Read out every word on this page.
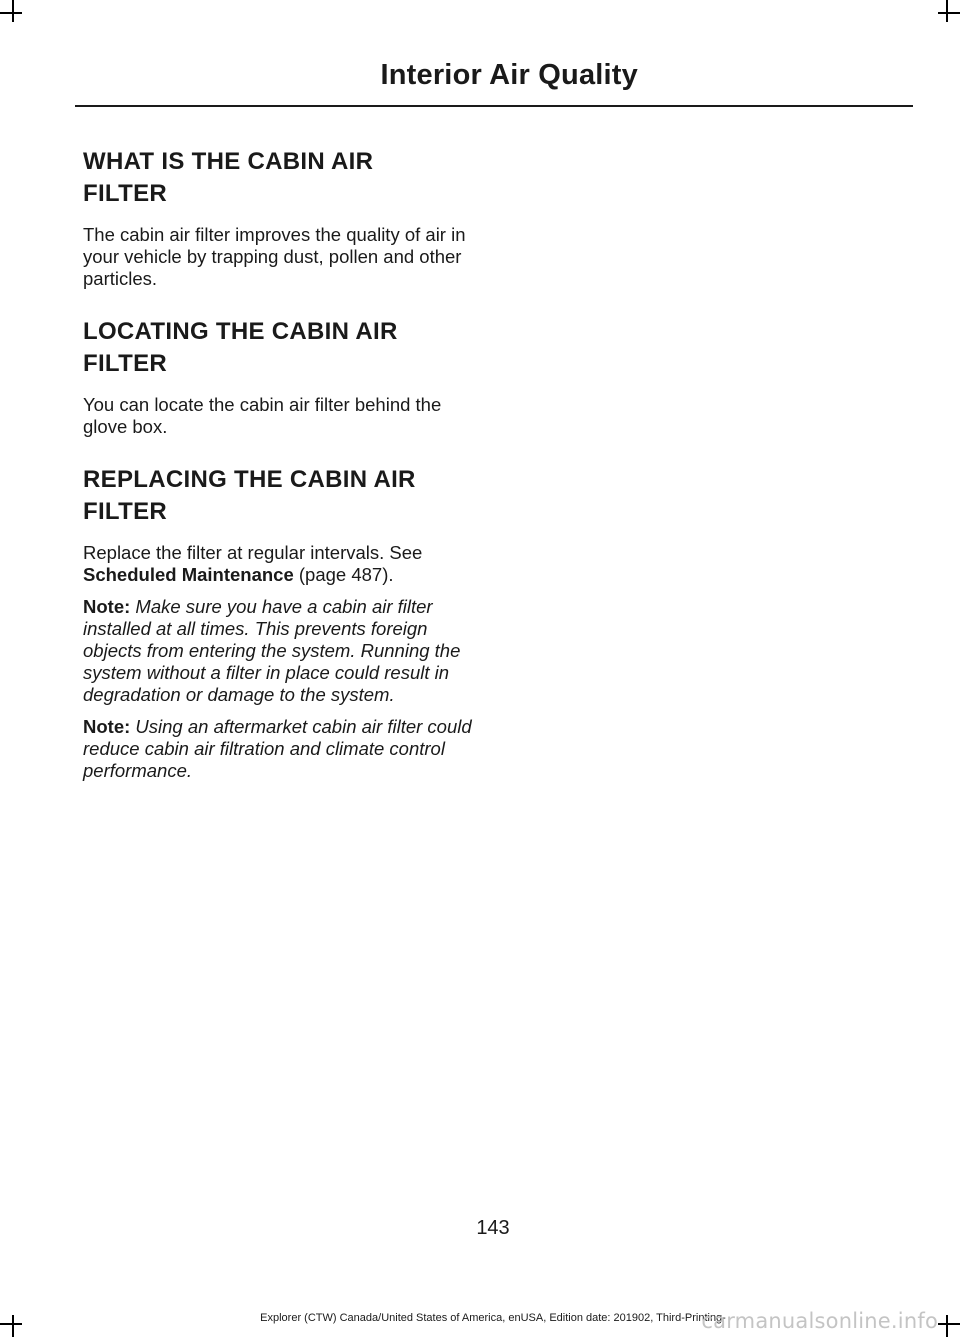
Interior Air Quality
WHAT IS THE CABIN AIR
FILTER

The cabin air filter improves the quality of air in your vehicle by trapping dust, pollen and other particles.

LOCATING THE CABIN AIR
FILTER

You can locate the cabin air filter behind the glove box.

REPLACING THE CABIN AIR
FILTER

Replace the filter at regular intervals. See
Scheduled Maintenance (page 487).

Note: Make sure you have a cabin air filter installed at all times. This prevents foreign objects from entering the system. Running the system without a filter in place could result in degradation or damage to the system.

Note: Using an aftermarket cabin air filter could reduce cabin air filtration and climate control performance.

143
Explorer (CTW) Canada/United States of America, enUSA, Edition date: 201902, Third-Printing-
carmanualsonline.info
